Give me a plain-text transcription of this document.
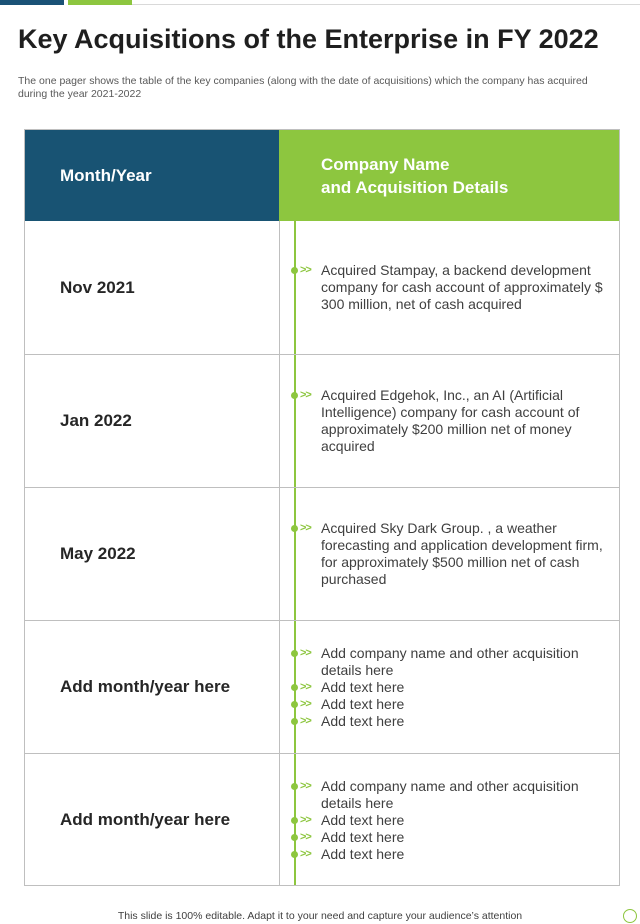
Key Acquisitions of the Enterprise in FY 2022

The one pager shows the table of the key companies (along with the date of acquisitions) which the company has acquired during the year 2021-2022

Month/Year
Company Name
and Acquisition Details
Nov 2021
>> Acquired Stampay, a backend development company for cash account of approximately $ 300 million, net of cash acquired
Jan 2022
>> Acquired Edgehok, Inc., an AI (Artificial Intelligence) company for cash account of approximately $200 million net of money acquired
May 2022
>> Acquired Sky Dark Group. , a weather forecasting and application development firm, for approximately $500 million net of cash purchased
Add month/year here
>> Add company name and other acquisition details here
>> Add text here
>> Add text here
>> Add text here
Add month/year here
>> Add company name and other acquisition details here
>> Add text here
>> Add text here
>> Add text here

This slide is 100% editable. Adapt it to your need and capture your audience’s attention
